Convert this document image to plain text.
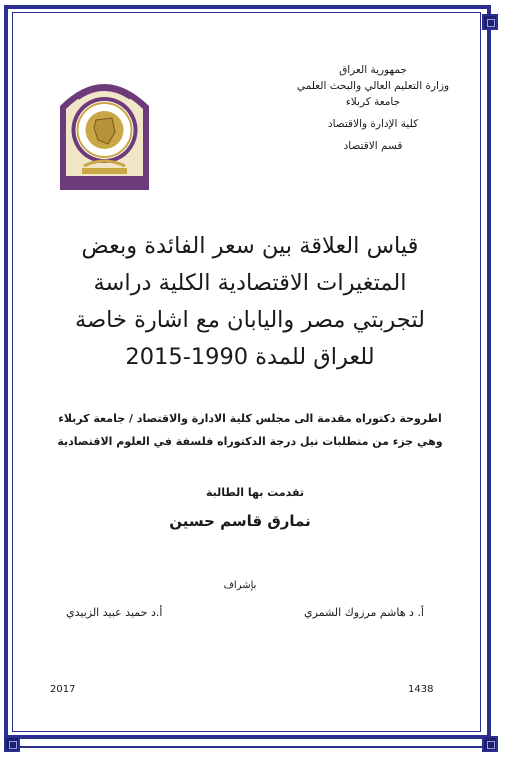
جمهورية العراق
وزارة التعليم العالي والبحث العلمي
جامعة كربلاء
كلية الإدارة والاقتصاد
قسم الاقتصاد
قياس العلاقة بين سعر الفائدة وبعض
المتغيرات الاقتصادية الكلية دراسة
لتجربتي مصر واليابان مع اشارة خاصة
للعراق للمدة 1990-2015
اطروحة دكتوراه مقدمة الى مجلس كلية الادارة والاقتصاد / جامعة كربلاء
وهي جزء من متطلبات نيل درجة الدكتوراه فلسفة في العلوم الاقتصادية
تقدمت بها الطالبة
نمارق قاسم حسين
بإشراف
أ. د هاشم مرزوك الشمري
أ.د حميد عبيد الزبيدي
2017	1438
